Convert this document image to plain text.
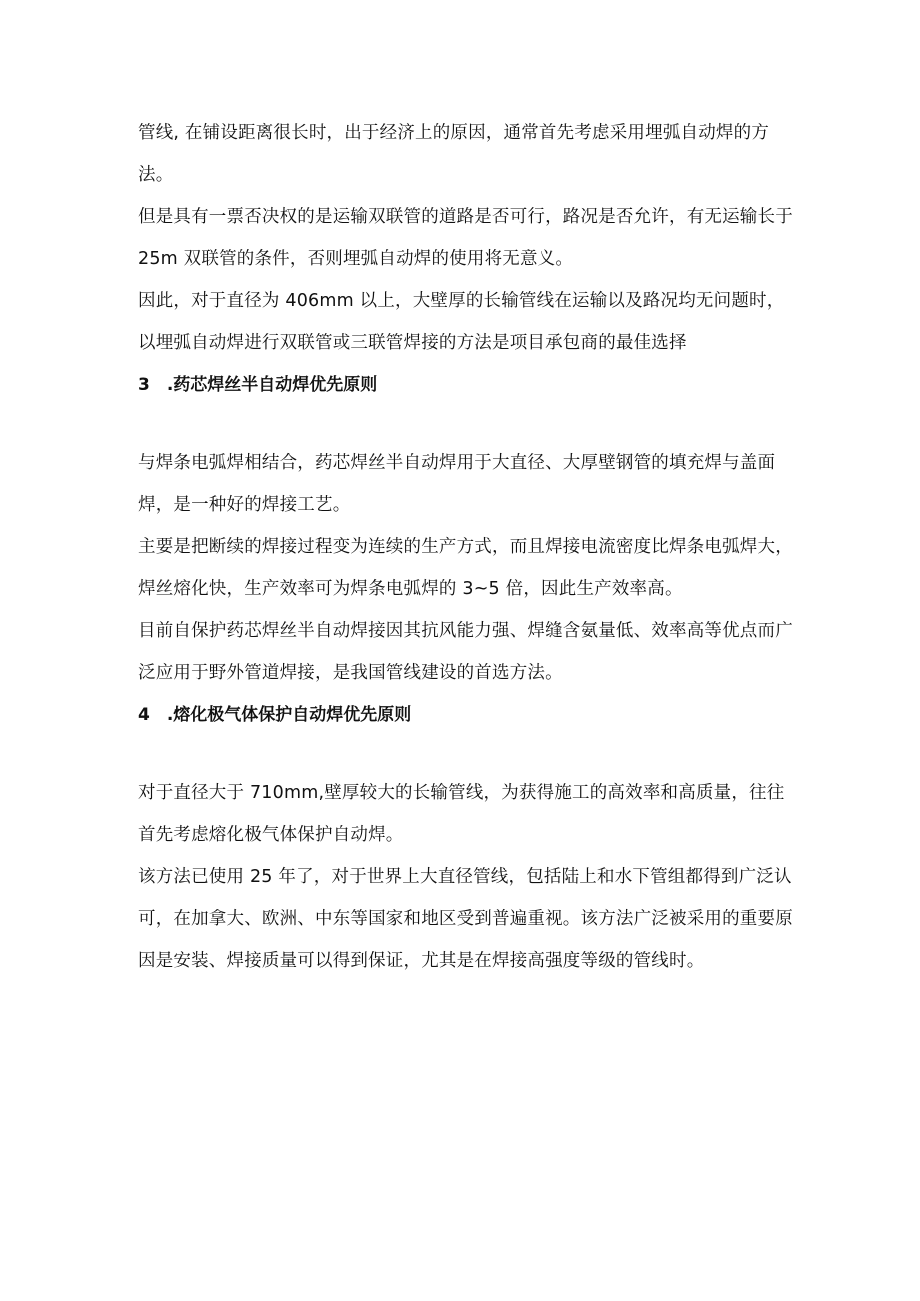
管线, 在铺设距离很长时，出于经济上的原因，通常首先考虑采用埋弧自动焊的方法。

但是具有一票否决权的是运输双联管的道路是否可行，路况是否允许，有无运输长于 25m 双联管的条件，否则埋弧自动焊的使用将无意义。

因此，对于直径为 406mm 以上，大壁厚的长输管线在运输以及路况均无问题时，以埋弧自动焊进行双联管或三联管焊接的方法是项目承包商的最佳选择

3　.药芯焊丝半自动焊优先原则

与焊条电弧焊相结合，药芯焊丝半自动焊用于大直径、大厚壁钢管的填充焊与盖面焊，是一种好的焊接工艺。

主要是把断续的焊接过程变为连续的生产方式，而且焊接电流密度比焊条电弧焊大，焊丝熔化快，生产效率可为焊条电弧焊的 3~5 倍，因此生产效率高。

目前自保护药芯焊丝半自动焊接因其抗风能力强、焊缝含氨量低、效率高等优点而广泛应用于野外管道焊接，是我国管线建设的首选方法。

4　.熔化极气体保护自动焊优先原则

对于直径大于 710mm,壁厚较大的长输管线，为获得施工的高效率和高质量，往往首先考虑熔化极气体保护自动焊。

该方法已使用 25 年了，对于世界上大直径管线，包括陆上和水下管组都得到广泛认可，在加拿大、欧洲、中东等国家和地区受到普遍重视。该方法广泛被采用的重要原因是安装、焊接质量可以得到保证，尤其是在焊接高强度等级的管线时。
